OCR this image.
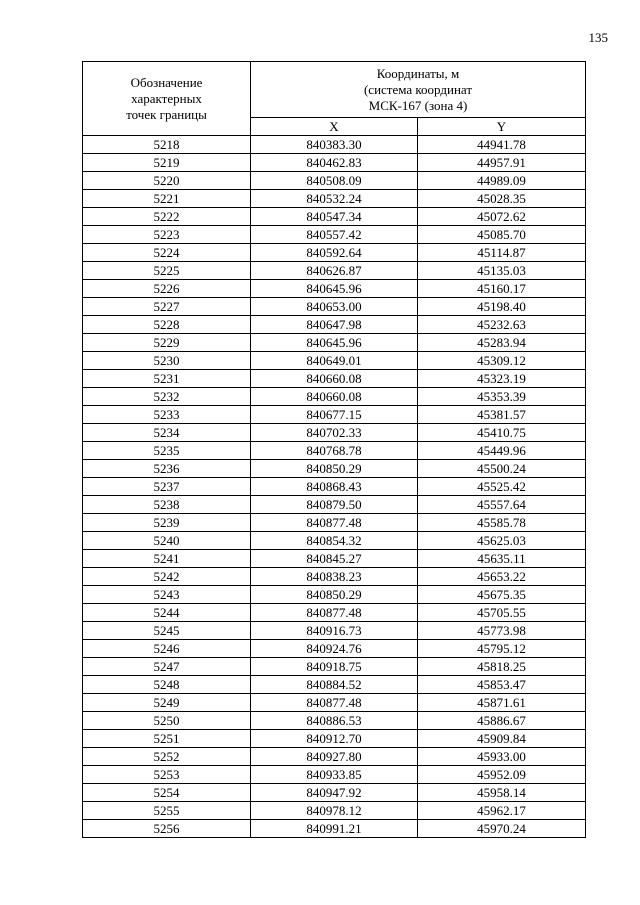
135
Обозначение
характерных
точек границы	Координаты, м
(система координат
МСК-167 (зона 4)	

	X	Y
5218	840383.30	44941.78
5219	840462.83	44957.91
5220	840508.09	44989.09
5221	840532.24	45028.35
5222	840547.34	45072.62
5223	840557.42	45085.70
5224	840592.64	45114.87
5225	840626.87	45135.03
5226	840645.96	45160.17
5227	840653.00	45198.40
5228	840647.98	45232.63
5229	840645.96	45283.94
5230	840649.01	45309.12
5231	840660.08	45323.19
5232	840660.08	45353.39
5233	840677.15	45381.57
5234	840702.33	45410.75
5235	840768.78	45449.96
5236	840850.29	45500.24
5237	840868.43	45525.42
5238	840879.50	45557.64
5239	840877.48	45585.78
5240	840854.32	45625.03
5241	840845.27	45635.11
5242	840838.23	45653.22
5243	840850.29	45675.35
5244	840877.48	45705.55
5245	840916.73	45773.98
5246	840924.76	45795.12
5247	840918.75	45818.25
5248	840884.52	45853.47
5249	840877.48	45871.61
5250	840886.53	45886.67
5251	840912.70	45909.84
5252	840927.80	45933.00
5253	840933.85	45952.09
5254	840947.92	45958.14
5255	840978.12	45962.17
5256	840991.21	45970.24
